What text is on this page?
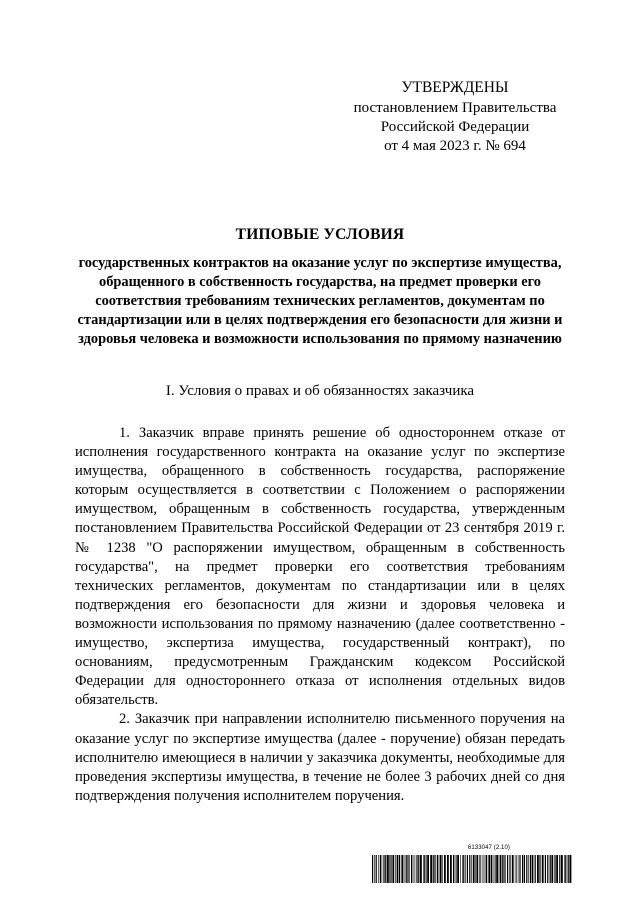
УТВЕРЖДЕНЫ
постановлением Правительства
Российской Федерации
от 4 мая 2023 г. № 694
ТИПОВЫЕ УСЛОВИЯ
государственных контрактов на оказание услуг по экспертизе имущества, обращенного в собственность государства, на предмет проверки его соответствия требованиям технических регламентов, документам по стандартизации или в целях подтверждения его безопасности для жизни и здоровья человека и возможности использования по прямому назначению
I. Условия о правах и об обязанностях заказчика

1. Заказчик вправе принять решение об одностороннем отказе от исполнения государственного контракта на оказание услуг по экспертизе имущества, обращенного в собственность государства, распоряжение которым осуществляется в соответствии с Положением о распоряжении имуществом, обращенным в собственность государства, утвержденным постановлением Правительства Российской Федерации от 23 сентября 2019 г. № 1238 "О распоряжении имуществом, обращенным в собственность государства", на предмет проверки его соответствия требованиям технических регламентов, документам по стандартизации или в целях подтверждения его безопасности для жизни и здоровья человека и возможности использования по прямому назначению (далее соответственно - имущество, экспертиза имущества, государственный контракт), по основаниям, предусмотренным Гражданским кодексом Российской Федерации для одностороннего отказа от исполнения отдельных видов обязательств.

2. Заказчик при направлении исполнителю письменного поручения на оказание услуг по экспертизе имущества (далее - поручение) обязан передать исполнителю имеющиеся в наличии у заказчика документы, необходимые для проведения экспертизы имущества, в течение не более 3 рабочих дней со дня подтверждения получения исполнителем поручения.

6133047 (2.10)
